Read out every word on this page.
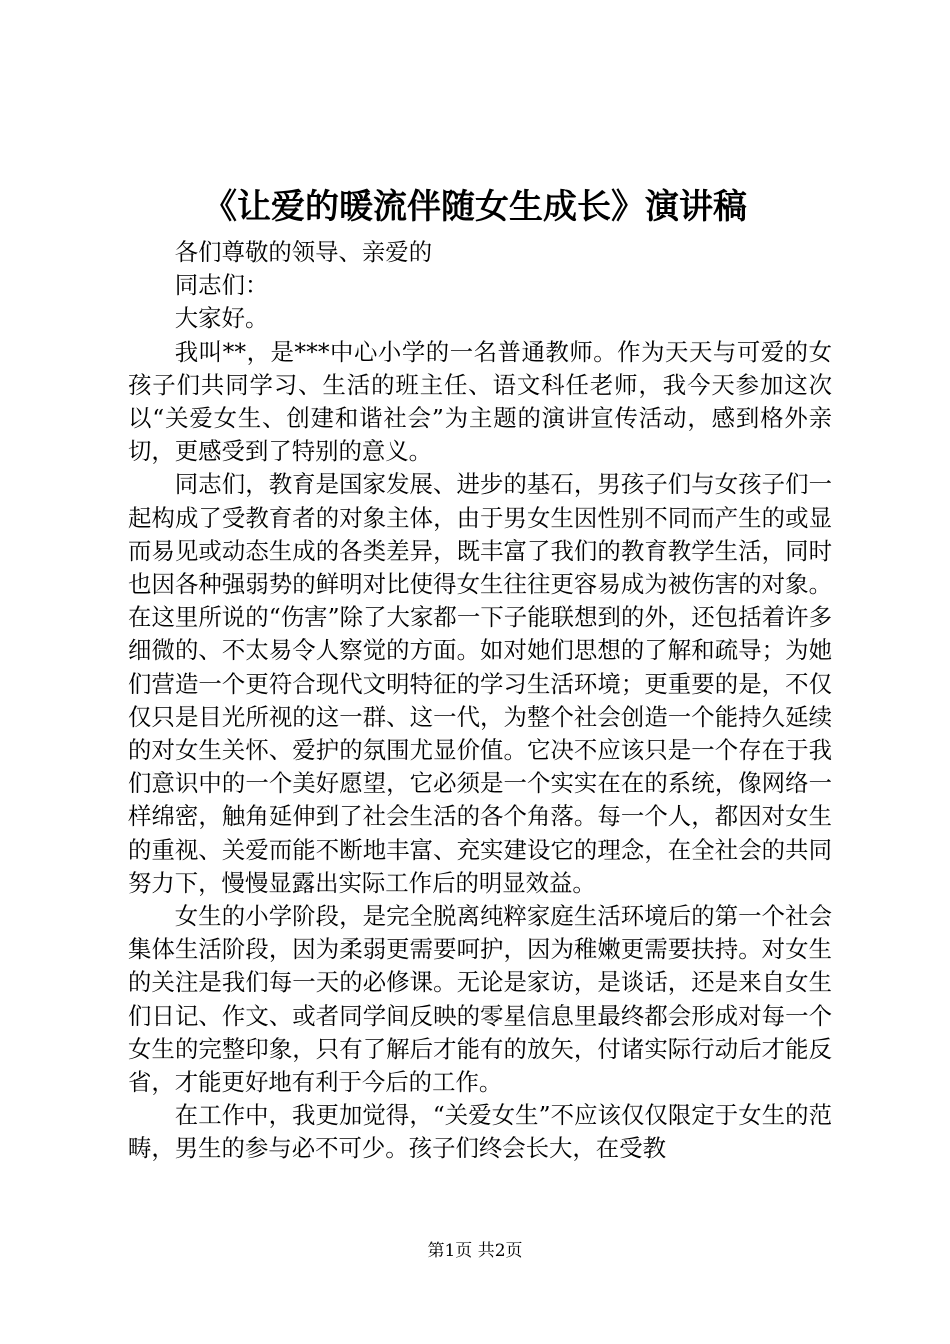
《让爱的暖流伴随女生成长》演讲稿

各们尊敬的领导、亲爱的

同志们：

大家好。

我叫**，是***中心小学的一名普通教师。作为天天与可爱的女孩子们共同学习、生活的班主任、语文科任老师，我今天参加这次以“关爱女生、创建和谐社会”为主题的演讲宣传活动，感到格外亲切，更感受到了特别的意义。

同志们，教育是国家发展、进步的基石，男孩子们与女孩子们一起构成了受教育者的对象主体，由于男女生因性别不同而产生的或显而易见或动态生成的各类差异，既丰富了我们的教育教学生活，同时也因各种强弱势的鲜明对比使得女生往往更容易成为被伤害的对象。在这里所说的“伤害”除了大家都一下子能联想到的外，还包括着许多细微的、不太易令人察觉的方面。如对她们思想的了解和疏导；为她们营造一个更符合现代文明特征的学习生活环境；更重要的是，不仅仅只是目光所视的这一群、这一代，为整个社会创造一个能持久延续的对女生关怀、爱护的氛围尤显价值。它决不应该只是一个存在于我们意识中的一个美好愿望，它必须是一个实实在在的系统，像网络一样绵密，触角延伸到了社会生活的各个角落。每一个人，都因对女生的重视、关爱而能不断地丰富、充实建设它的理念，在全社会的共同努力下，慢慢显露出实际工作后的明显效益。

女生的小学阶段，是完全脱离纯粹家庭生活环境后的第一个社会集体生活阶段，因为柔弱更需要呵护，因为稚嫩更需要扶持。对女生的关注是我们每一天的必修课。无论是家访，是谈话，还是来自女生们日记、作文、或者同学间反映的零星信息里最终都会形成对每一个女生的完整印象，只有了解后才能有的放矢，付诸实际行动后才能反省，才能更好地有利于今后的工作。

在工作中，我更加觉得，“关爱女生”不应该仅仅限定于女生的范畴，男生的参与必不可少。孩子们终会长大，在受教

第1页 共2页
